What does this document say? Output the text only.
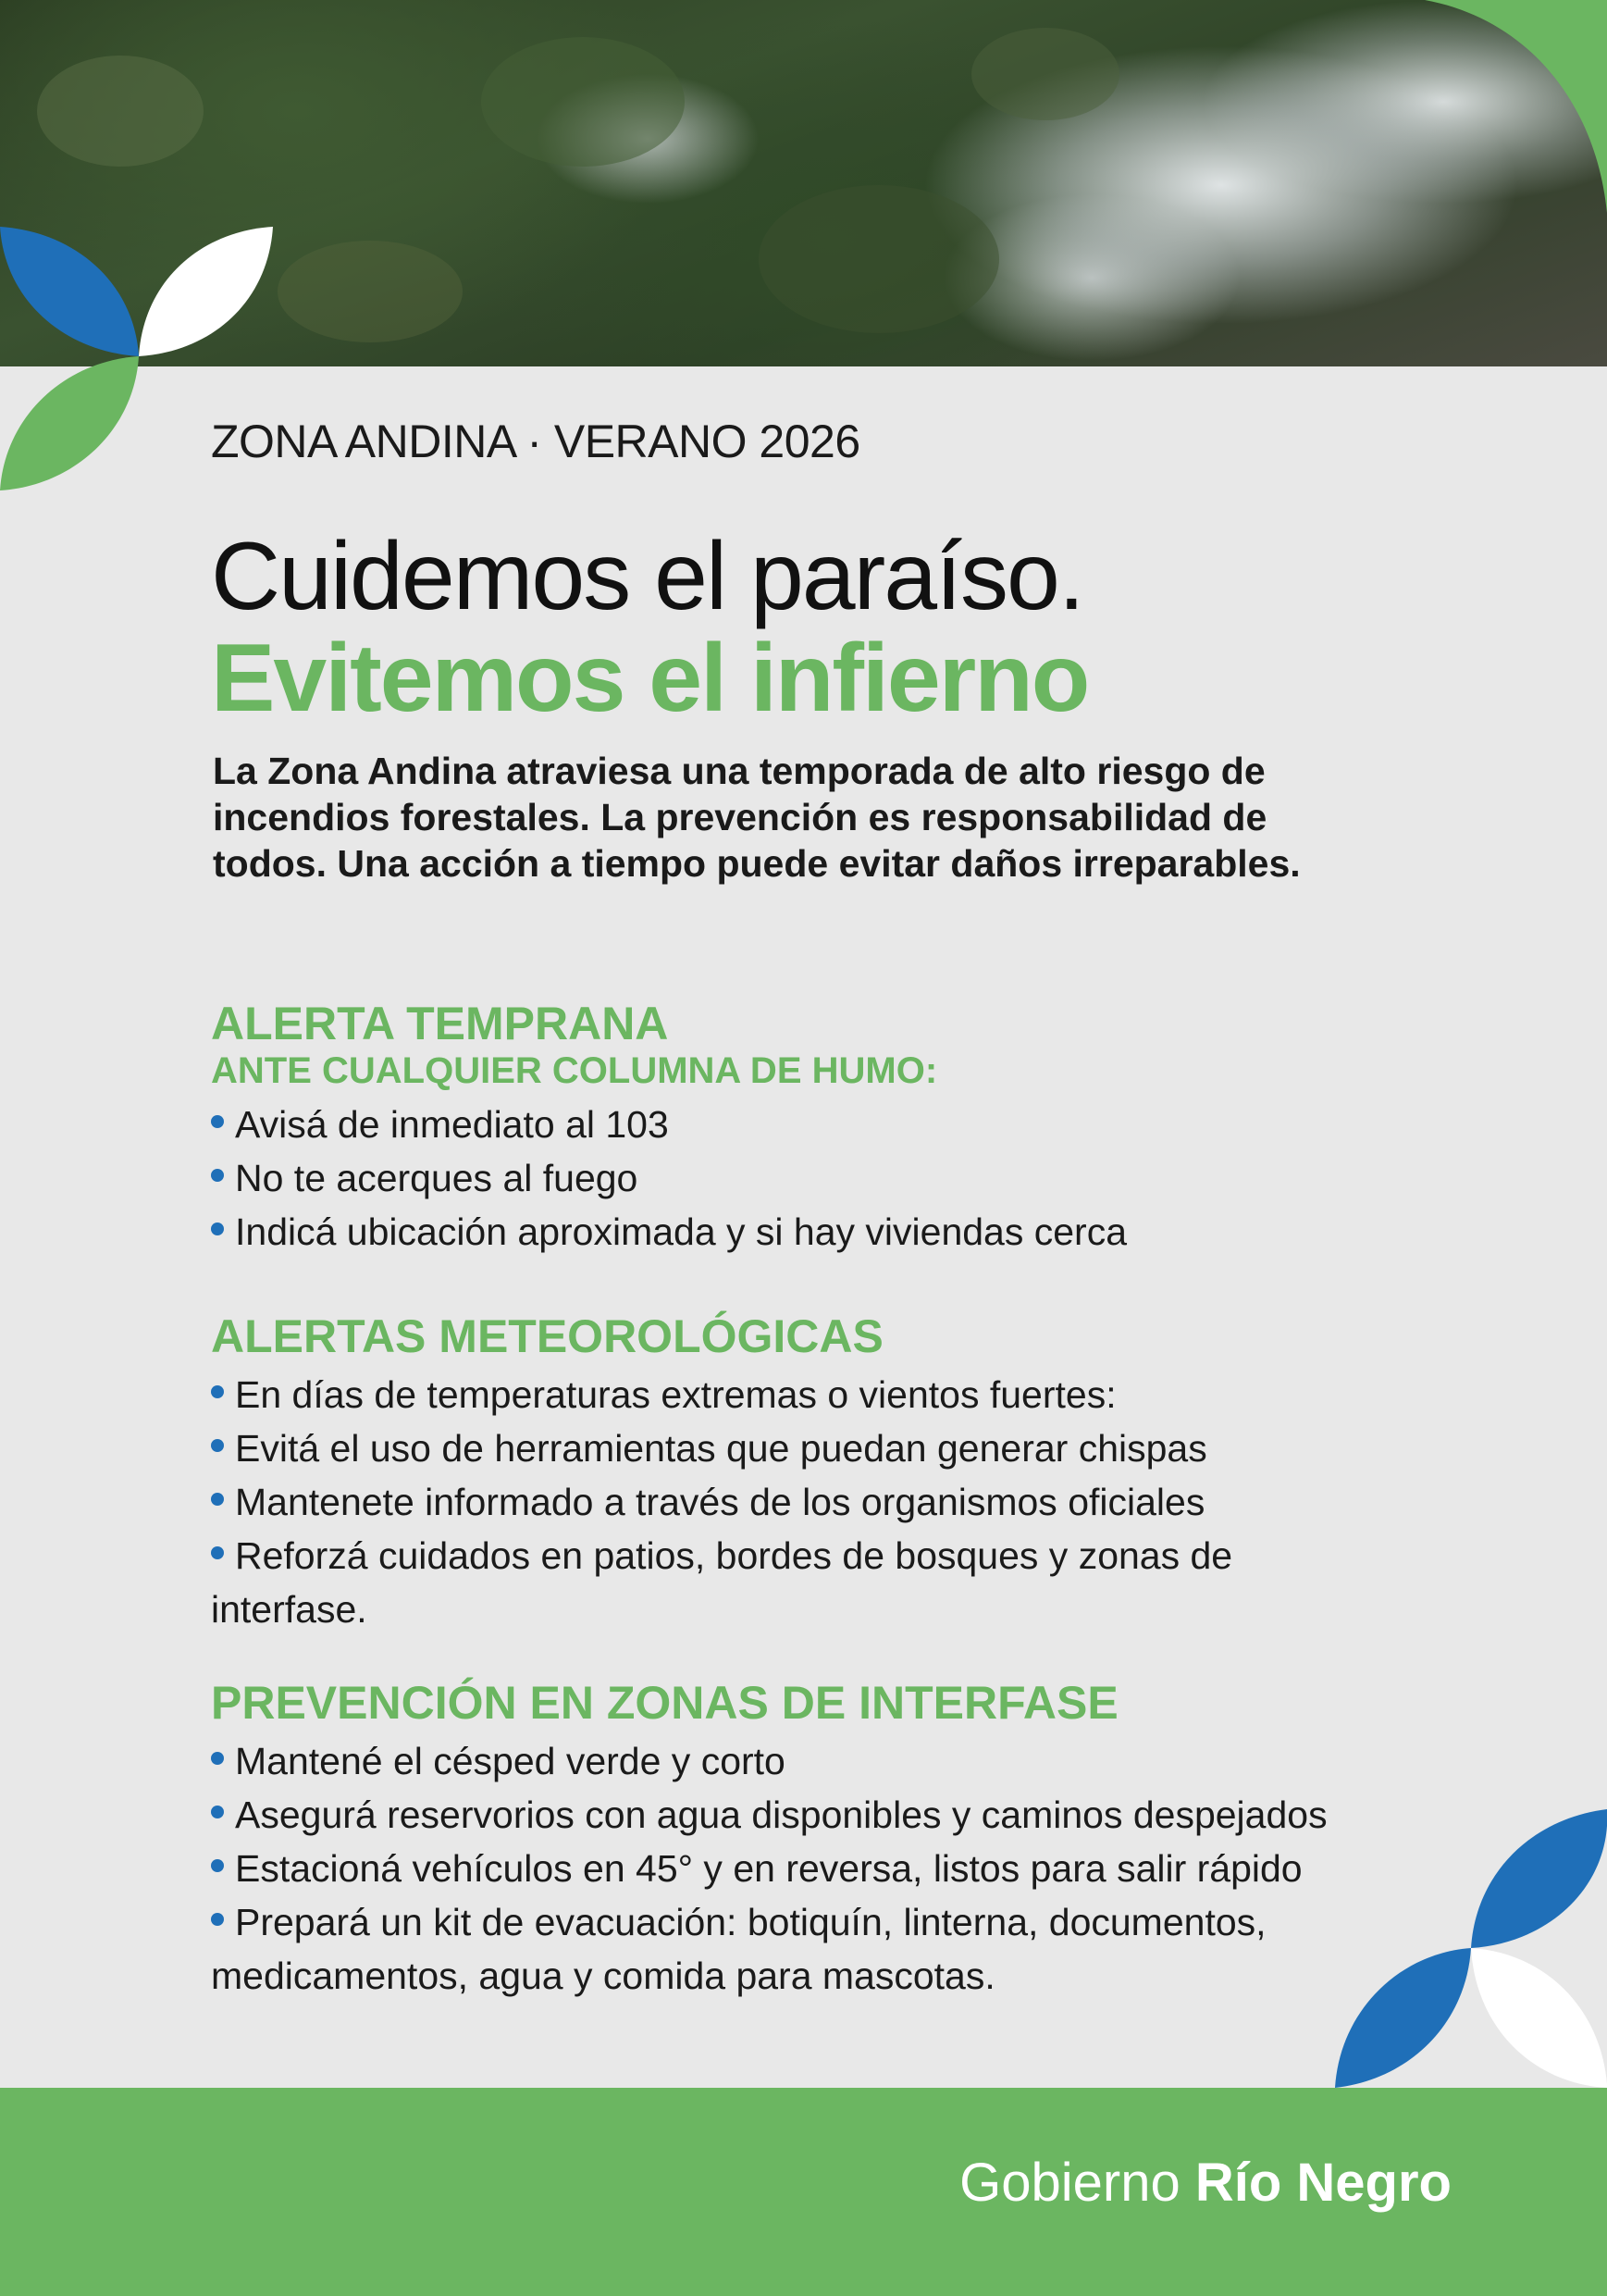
ZONA ANDINA · VERANO 2026
Cuidemos el paraíso.
Evitemos el infierno
La Zona Andina atraviesa una temporada de alto riesgo de incendios forestales. La prevención es responsabilidad de todos. Una acción a tiempo puede evitar daños irreparables.
ALERTA TEMPRANA
ANTE CUALQUIER COLUMNA DE HUMO:
Avisá de inmediato al 103
No te acerques al fuego
Indicá ubicación aproximada y si hay viviendas cerca
ALERTAS METEOROLÓGICAS
En días de temperaturas extremas o vientos fuertes:
Evitá el uso de herramientas que puedan generar chispas
Mantenete informado a través de los organismos oficiales
Reforzá cuidados en patios, bordes de bosques y zonas de interfase.
PREVENCIÓN EN ZONAS DE INTERFASE
Mantené el césped verde y corto
Asegurá reservorios con agua disponibles y caminos despejados
Estacioná vehículos en 45° y en reversa, listos para salir rápido
Prepará un kit de evacuación: botiquín, linterna, documentos, medicamentos, agua y comida para mascotas.
Gobierno Río Negro
